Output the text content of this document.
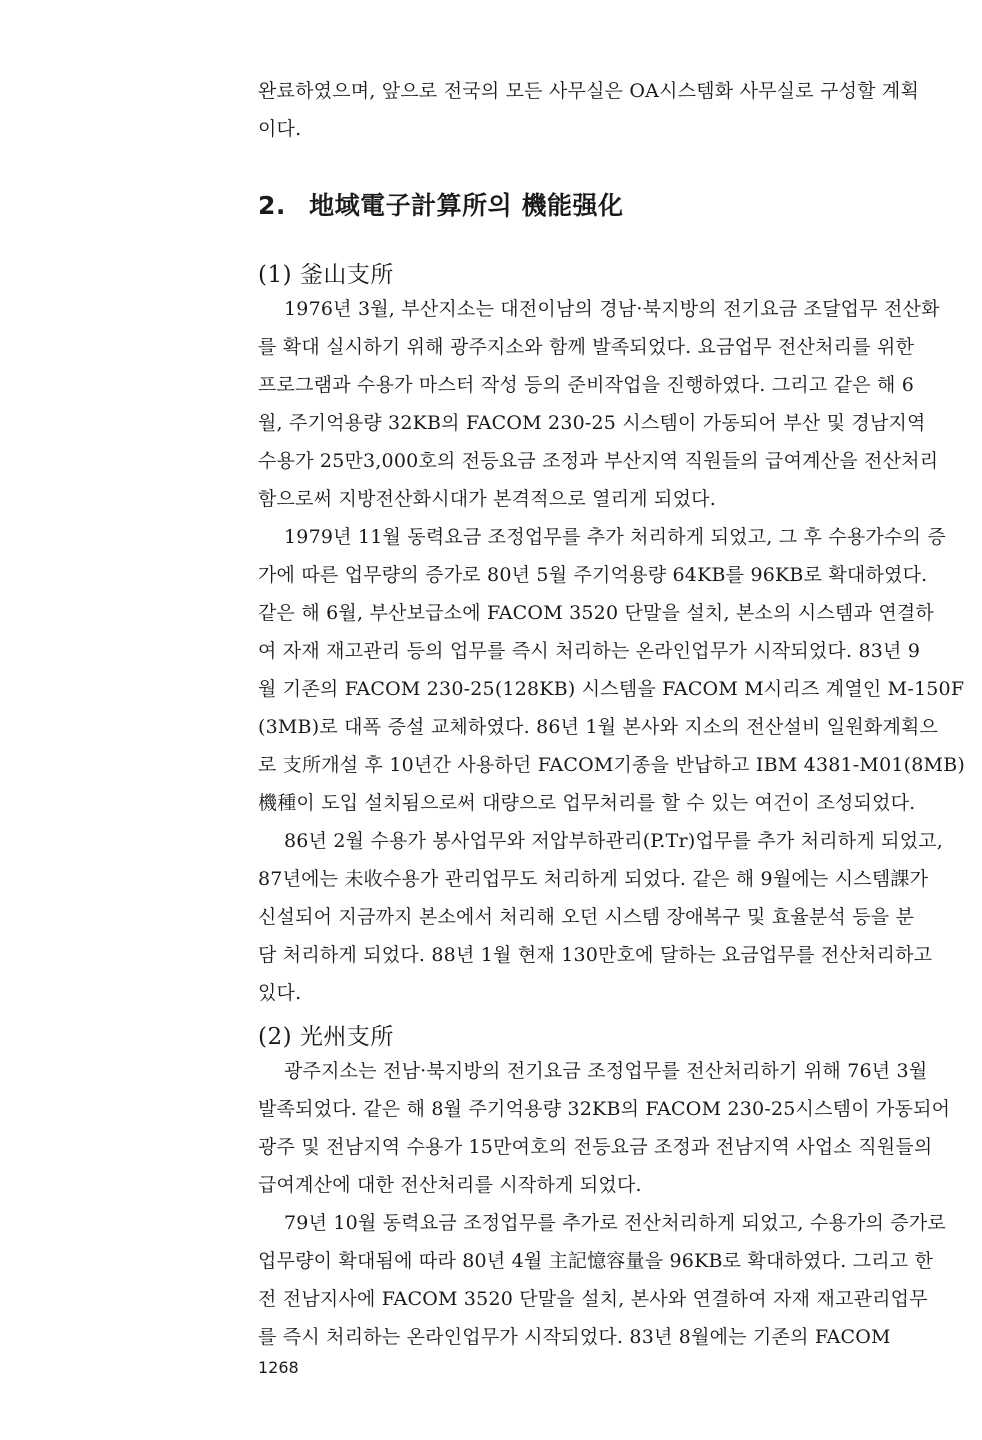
완료하였으며, 앞으로 전국의 모든 사무실은 OA시스템화 사무실로 구성할 계획
이다.
2. 地域電子計算所의 機能强化
(1) 釜山支所
1976년 3월, 부산지소는 대전이남의 경남·북지방의 전기요금 조달업무 전산화
를 확대 실시하기 위해 광주지소와 함께 발족되었다. 요금업무 전산처리를 위한
프로그램과 수용가 마스터 작성 등의 준비작업을 진행하였다. 그리고 같은 해 6
월, 주기억용량 32KB의 FACOM 230-25 시스템이 가동되어 부산 및 경남지역
수용가 25만3,000호의 전등요금 조정과 부산지역 직원들의 급여계산을 전산처리
함으로써 지방전산화시대가 본격적으로 열리게 되었다.
1979년 11월 동력요금 조정업무를 추가 처리하게 되었고, 그 후 수용가수의 증
가에 따른 업무량의 증가로 80년 5월 주기억용량 64KB를 96KB로 확대하였다.
같은 해 6월, 부산보급소에 FACOM 3520 단말을 설치, 본소의 시스템과 연결하
여 자재 재고관리 등의 업무를 즉시 처리하는 온라인업무가 시작되었다. 83년 9
월 기존의 FACOM 230-25(128KB) 시스템을 FACOM M시리즈 계열인 M-150F
(3MB)로 대폭 증설 교체하였다. 86년 1월 본사와 지소의 전산설비 일원화계획으
로 支所개설 후 10년간 사용하던 FACOM기종을 반납하고 IBM 4381-M01(8MB)
機種이 도입 설치됨으로써 대량으로 업무처리를 할 수 있는 여건이 조성되었다.
86년 2월 수용가 봉사업무와 저압부하관리(P.Tr)업무를 추가 처리하게 되었고,
87년에는 未收수용가 관리업무도 처리하게 되었다. 같은 해 9월에는 시스템課가
신설되어 지금까지 본소에서 처리해 오던 시스템 장애복구 및 효율분석 등을 분
담 처리하게 되었다. 88년 1월 현재 130만호에 달하는 요금업무를 전산처리하고
있다.
(2) 光州支所
광주지소는 전남·북지방의 전기요금 조정업무를 전산처리하기 위해 76년 3월
발족되었다. 같은 해 8월 주기억용량 32KB의 FACOM 230-25시스템이 가동되어
광주 및 전남지역 수용가 15만여호의 전등요금 조정과 전남지역 사업소 직원들의
급여계산에 대한 전산처리를 시작하게 되었다.
79년 10월 동력요금 조정업무를 추가로 전산처리하게 되었고, 수용가의 증가로
업무량이 확대됨에 따라 80년 4월 主記憶容量을 96KB로 확대하였다. 그리고 한
전 전남지사에 FACOM 3520 단말을 설치, 본사와 연결하여 자재 재고관리업무
를 즉시 처리하는 온라인업무가 시작되었다. 83년 8월에는 기존의 FACOM
1268
